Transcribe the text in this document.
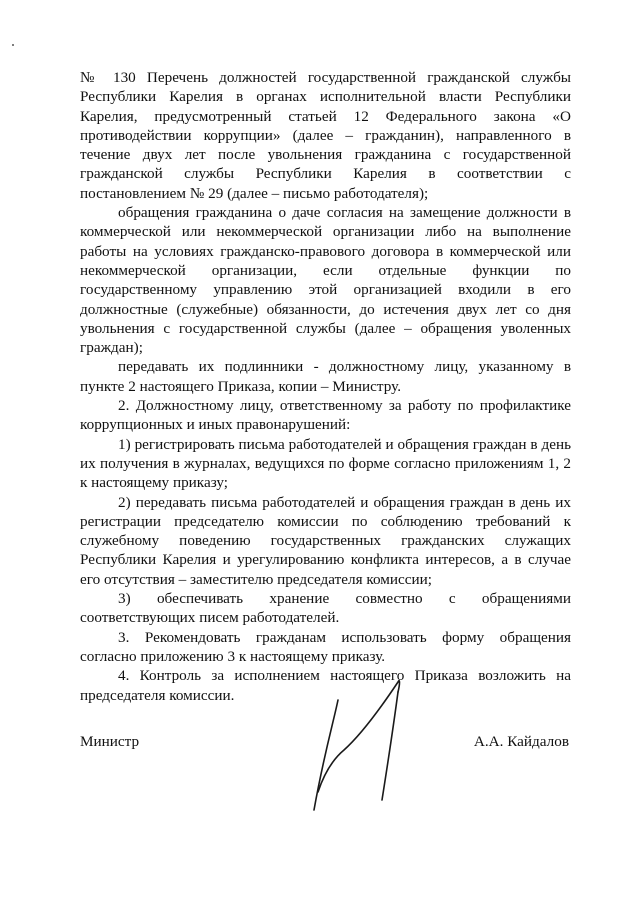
№ 130 Перечень должностей государственной гражданской службы Республики Карелия в органах исполнительной власти Республики Карелия, предусмотренный статьей 12 Федерального закона «О противодействии коррупции» (далее – гражданин), направленного в течение двух лет после увольнения гражданина с государственной гражданской службы Республики Карелия в соответствии с постановлением № 29 (далее – письмо работодателя);

обращения гражданина о даче согласия на замещение должности в коммерческой или некоммерческой организации либо на выполнение работы на условиях гражданско-правового договора в коммерческой или некоммерческой организации, если отдельные функции по государственному управлению этой организацией входили в его должностные (служебные) обязанности, до истечения двух лет со дня увольнения с государственной службы (далее – обращения уволенных граждан);

передавать их подлинники - должностному лицу, указанному в пункте 2 настоящего Приказа, копии – Министру.

2. Должностному лицу, ответственному за работу по профилактике коррупционных и иных правонарушений:

1) регистрировать письма работодателей и обращения граждан в день их получения в журналах, ведущихся по форме согласно приложениям 1, 2 к настоящему приказу;

2) передавать письма работодателей и обращения граждан в день их регистрации председателю комиссии по соблюдению требований к служебному поведению государственных гражданских служащих Республики Карелия и урегулированию конфликта интересов, а в случае его отсутствия – заместителю председателя комиссии;

3) обеспечивать хранение совместно с обращениями соответствующих писем работодателей.

3. Рекомендовать гражданам использовать форму обращения согласно приложению 3 к настоящему приказу.

4. Контроль за исполнением настоящего Приказа возложить на председателя комиссии.

Министр	А.А. Кайдалов
